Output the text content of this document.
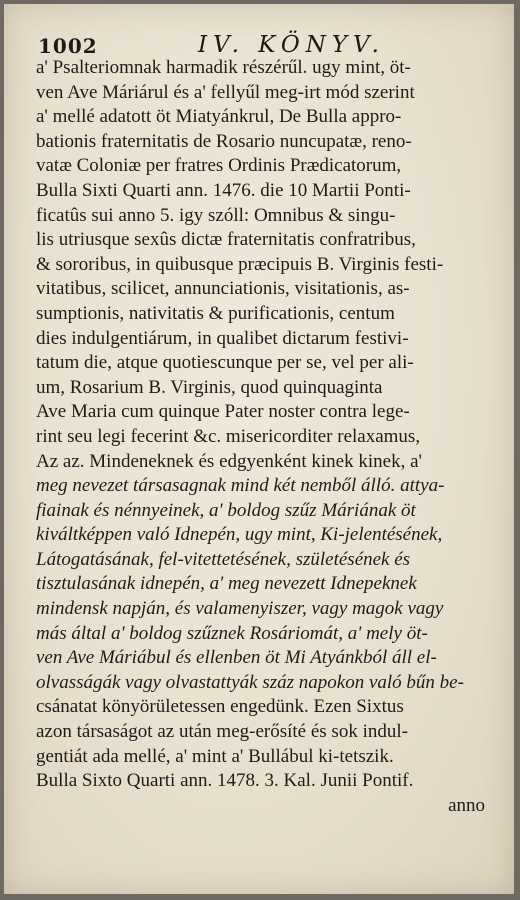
1002	IV. KÖNYV.
a' Psalteriomnak harmadik részérűl. ugy mint, öt-
ven Ave Máriárul és a' fellyűl meg-irt mód szerint
a' mellé adatott öt Miatyánkrul, De Bulla appro-
bationis fraternitatis de Rosario nuncupatæ, reno-
vatæ Coloniæ per fratres Ordinis Prædicatorum,
Bulla Sixti Quarti ann. 1476. die 10 Martii Ponti-
ficatûs sui anno 5. igy szóll: Omnibus & singu-
lis utriusque sexûs dictæ fraternitatis confratribus,
& sororibus, in quibusque præcipuis B. Virginis festi-
vitatibus, scilicet, annunciationis, visitationis, as-
sumptionis, nativitatis & purificationis, centum
dies indulgentiárum, in qualibet dictarum festivi-
tatum die, atque quotiescunque per se, vel per ali-
um, Rosarium B. Virginis, quod quinquaginta
Ave Maria cum quinque Pater noster contra lege-
rint seu legi fecerint &c. misericorditer relaxamus,
Az az. Mindeneknek és edgyenként kinek kinek, a'
meg nevezet társasagnak mind két nemből álló. attya-
fiainak és nénnyeinek, a' boldog szűz Máriának öt
kiváltképpen való Idnepén, ugy mint, Ki-jelentésének,
Látogatásának, fel-vitettetésének, születésének és
tisztulasának idnepén, a' meg nevezett Idnepeknek
mindensk napján, és valamenyiszer, vagy magok vagy
más által a' boldog szűznek Rosáriomát, a' mely öt-
ven Ave Máriábul és ellenben öt Mi Atyánkból áll el-
olvasságák vagy olvastattyák száz napokon való bűn be-
csánatat könyörületessen engedünk. Ezen Sixtus
azon társaságot az után meg-erősíté és sok indul-
gentiát ada mellé, a' mint a' Bullábul ki-tetszik.
Bulla Sixto Quarti ann. 1478. 3. Kal. Junii Pontif.
anno
